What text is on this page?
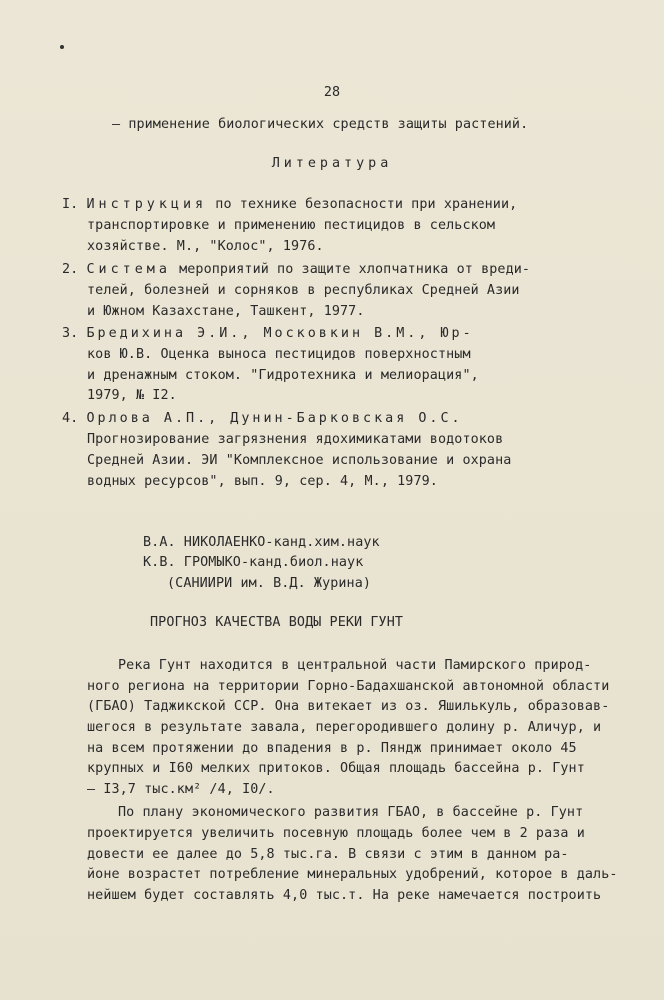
28
– применение биологических средств защиты растений.
Литература
I. Инструкция по технике безопасности при хранении,
транспортировке и применению пестицидов в сельском
хозяйстве. М., "Колос", 1976.
2. Система мероприятий по защите хлопчатника от вреди-
телей, болезней и сорняков в республиках Средней Азии
и Южном Казахстане, Ташкент, 1977.
3. Бредихина Э.И., Московкин В.М., Юр-
ков Ю.В. Оценка выноса пестицидов поверхностным
и дренажным стоком. "Гидротехника и мелиорация",
1979, № I2.
4. Орлова А.П., Дунин-Барковская О.С.
Прогнозирование загрязнения ядохимикатами водотоков
Средней Азии. ЭИ "Комплексное использование и охрана
водных ресурсов", вып. 9, сер. 4, М., 1979.
В.А. НИКОЛАЕНКО-канд.хим.наук
К.В. ГРОМЫКО-канд.биол.наук
(САНИИРИ им. В.Д. Журина)
ПРОГНОЗ КАЧЕСТВА ВОДЫ РЕКИ ГУНТ
Река Гунт находится в центральной части Памирского природ-
ного региона на территории Горно-Бадахшанской автономной области
(ГБАО) Таджикской ССР. Она витекает из оз. Яшилькуль, образовав-
шегося в результате завала, перегородившего долину р. Аличур, и
на всем протяжении до впадения в р. Пяндж принимает около 45
крупных и I60 мелких притоков. Общая площадь бассейна р. Гунт
– I3,7 тыс.км² /4, I0/.
По плану экономического развития ГБАО, в бассейне р. Гунт
проектируется увеличить посевную площадь более чем в 2 раза и
довести ее далее до 5,8 тыс.га. В связи с этим в данном ра-
йоне возрастет потребление минеральных удобрений, которое в даль-
нейшем будет составлять 4,0 тыс.т. На реке намечается построить
